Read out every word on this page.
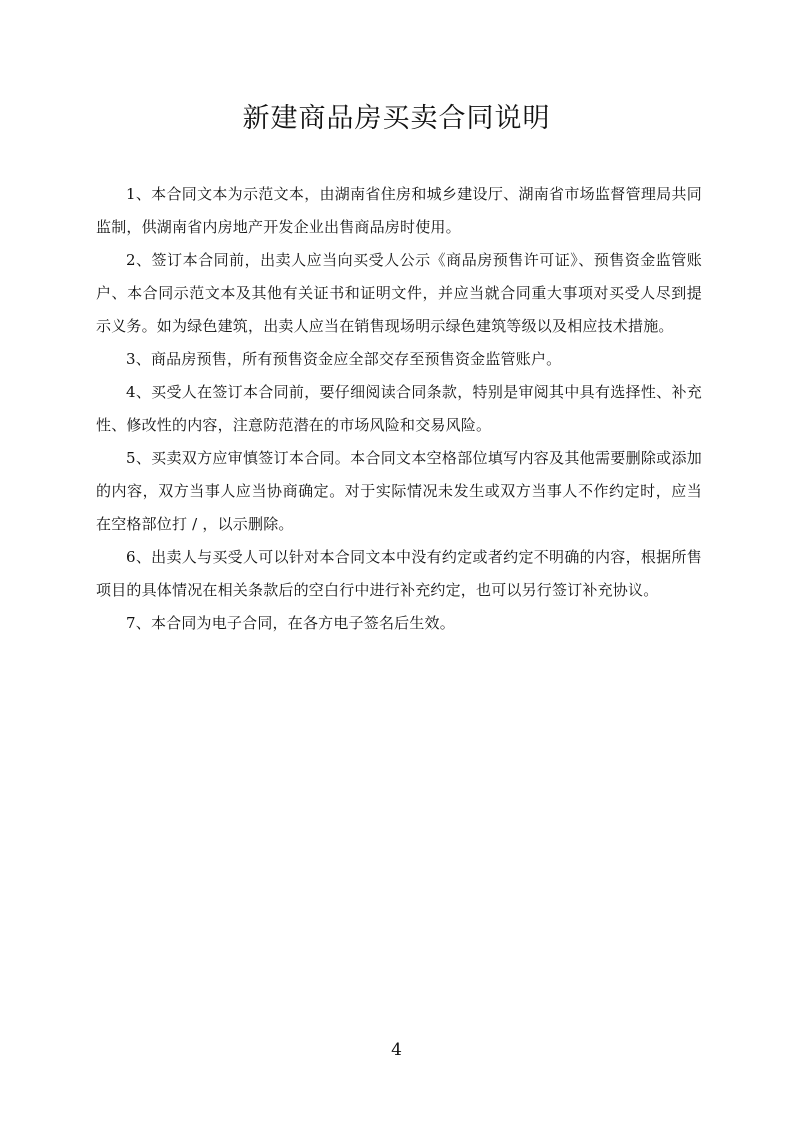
新建商品房买卖合同说明

1、本合同文本为示范文本，由湖南省住房和城乡建设厅、湖南省市场监督管理局共同监制，供湖南省内房地产开发企业出售商品房时使用。

2、签订本合同前，出卖人应当向买受人公示《商品房预售许可证》、预售资金监管账户、本合同示范文本及其他有关证书和证明文件，并应当就合同重大事项对买受人尽到提示义务。如为绿色建筑，出卖人应当在销售现场明示绿色建筑等级以及相应技术措施。

3、商品房预售，所有预售资金应全部交存至预售资金监管账户。

4、买受人在签订本合同前，要仔细阅读合同条款，特别是审阅其中具有选择性、补充性、修改性的内容，注意防范潜在的市场风险和交易风险。

5、买卖双方应审慎签订本合同。本合同文本空格部位填写内容及其他需要删除或添加的内容，双方当事人应当协商确定。对于实际情况未发生或双方当事人不作约定时，应当在空格部位打 / ，以示删除。

6、出卖人与买受人可以针对本合同文本中没有约定或者约定不明确的内容，根据所售项目的具体情况在相关条款后的空白行中进行补充约定，也可以另行签订补充协议。

7、本合同为电子合同，在各方电子签名后生效。

4
